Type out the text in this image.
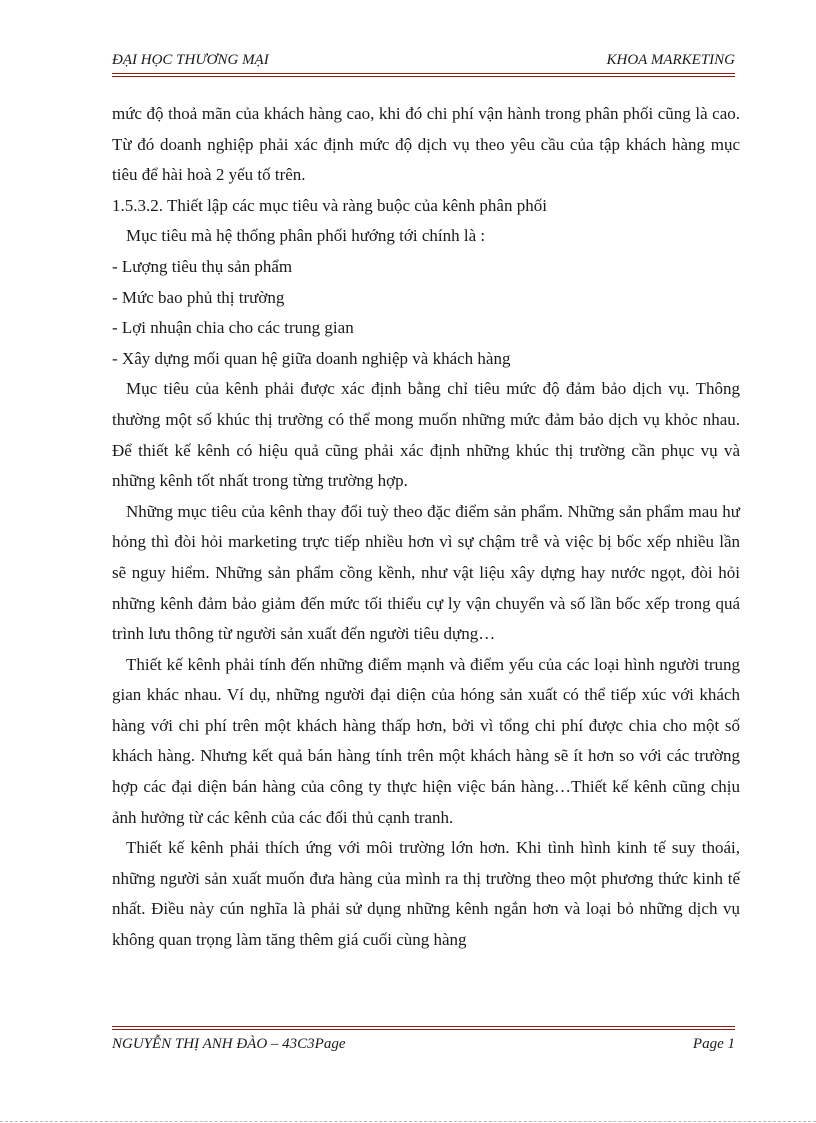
ĐẠI HỌC THƯƠNG MẠI	KHOA MARKETING

mức độ thoả mãn của khách hàng cao, khi đó chi phí vận hành trong phân phối cũng là cao. Từ đó doanh nghiệp phải xác định mức độ dịch vụ theo yêu cầu của tập khách hàng mục tiêu để hài hoà 2 yếu tố trên.

1.5.3.2. Thiết lập các mục tiêu và ràng buộc của kênh phân phối

Mục tiêu mà hệ thống phân phối hướng tới chính là :

- Lượng tiêu thụ sản phẩm

- Mức bao phủ thị trường

- Lợi nhuận chia cho các trung gian

- Xây dựng mối quan hệ giữa doanh nghiệp và khách hàng

Mục tiêu của kênh phải được xác định bằng chỉ tiêu mức độ đảm bảo dịch vụ. Thông thường một số khúc thị trường có thể mong muốn những mức đảm bảo dịch vụ khỏc nhau. Để thiết kế kênh có hiệu quả cũng phải xác định những khúc thị trường cần phục vụ và những kênh tốt nhất trong từng trường hợp.

Những mục tiêu của kênh thay đổi tuỳ theo đặc điểm sản phẩm. Những sản phẩm mau hư hỏng thì đòi hỏi marketing trực tiếp nhiều hơn vì sự chậm trễ và việc bị bốc xếp nhiều lần sẽ nguy hiểm. Những sản phẩm cồng kềnh, như vật liệu xây dựng hay nước ngọt, đòi hỏi những kênh đảm bảo giảm đến mức tối thiểu cự ly vận chuyển và số lần bốc xếp trong quá trình lưu thông từ người sản xuất đến người tiêu dựng…

Thiết kế kênh phải tính đến những điểm mạnh và điểm yếu của các loại hình người trung gian khác nhau. Ví dụ, những người đại diện của hóng sản xuất có thể tiếp xúc với khách hàng với chi phí trên một khách hàng thấp hơn, bởi vì tổng chi phí được chia cho một số khách hàng. Nhưng kết quả bán hàng tính trên một khách hàng sẽ ít hơn so với các trường hợp các đại diện bán hàng của công ty thực hiện việc bán hàng…Thiết kế kênh cũng chịu ảnh hưởng từ các kênh của các đối thủ cạnh tranh.

Thiết kế kênh phải thích ứng với môi trường lớn hơn. Khi tình hình kinh tế suy thoái, những người sản xuất muốn đưa hàng của mình ra thị trường theo một phương thức kinh tế nhất. Điều này cún nghĩa là phải sử dụng những kênh ngắn hơn và loại bỏ những dịch vụ không quan trọng làm tăng thêm giá cuối cùng hàng

NGUYỄN THỊ ANH ĐÀO – 43C3Page	Page 1
